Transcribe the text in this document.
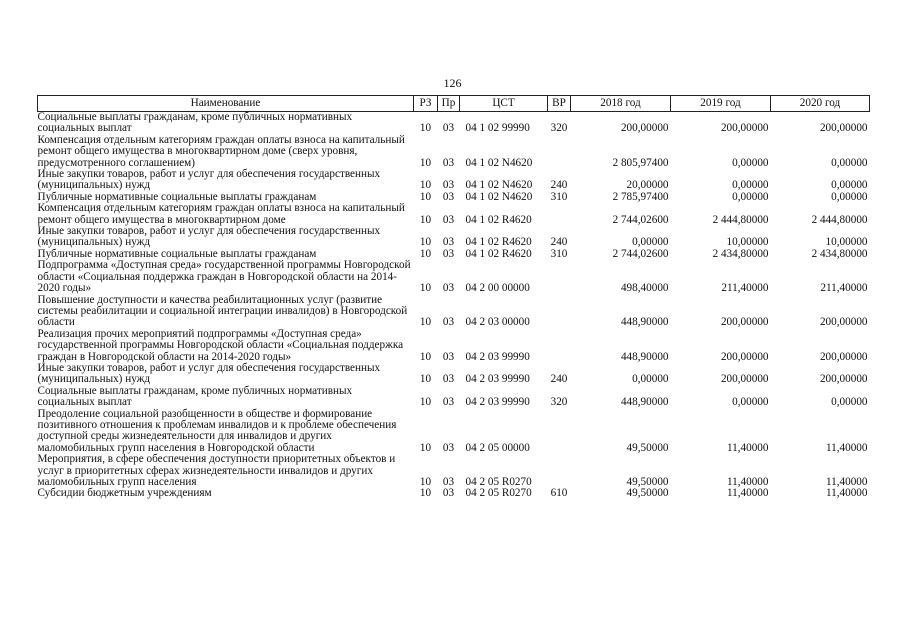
126
Наименование	РЗ	Пр	ЦСТ	ВР	2018 год	2019 год	2020 год
Социальные выплаты гражданам, кроме публичных нормативных социальных выплат	10	03	04 1 02 99990	320	200,00000	200,00000	200,00000
Компенсация отдельным категориям граждан оплаты взноса на капитальный ремонт общего имущества в многоквартирном доме (сверх уровня, предусмотренного соглашением)	10	03	04 1 02 N4620		2 805,97400	0,00000	0,00000
Иные закупки товаров, работ и услуг для обеспечения государственных (муниципальных) нужд	10	03	04 1 02 N4620	240	20,00000	0,00000	0,00000
Публичные нормативные социальные выплаты гражданам	10	03	04 1 02 N4620	310	2 785,97400	0,00000	0,00000
Компенсация отдельным категориям граждан оплаты взноса на капитальный ремонт общего имущества в многоквартирном доме	10	03	04 1 02 R4620		2 744,02600	2 444,80000	2 444,80000
Иные закупки товаров, работ и услуг для обеспечения государственных (муниципальных) нужд	10	03	04 1 02 R4620	240	0,00000	10,00000	10,00000
Публичные нормативные социальные выплаты гражданам	10	03	04 1 02 R4620	310	2 744,02600	2 434,80000	2 434,80000
Подпрограмма «Доступная среда» государственной программы Новгородской области «Социальная поддержка граждан в Новгородской области на 2014-2020 годы»	10	03	04 2 00 00000		498,40000	211,40000	211,40000
Повышение доступности и качества реабилитационных услуг (развитие системы реабилитации и социальной интеграции инвалидов) в Новгородской области	10	03	04 2 03 00000		448,90000	200,00000	200,00000
Реализация прочих мероприятий подпрограммы «Доступная среда» государственной программы Новгородской области «Социальная поддержка граждан в Новгородской области на 2014-2020 годы»	10	03	04 2 03 99990		448,90000	200,00000	200,00000
Иные закупки товаров, работ и услуг для обеспечения государственных (муниципальных) нужд	10	03	04 2 03 99990	240	0,00000	200,00000	200,00000
Социальные выплаты гражданам, кроме публичных нормативных социальных выплат	10	03	04 2 03 99990	320	448,90000	0,00000	0,00000
Преодоление социальной разобщенности в обществе и формирование позитивного отношения к проблемам инвалидов и к проблеме обеспечения доступной среды жизнедеятельности для инвалидов и других маломобильных групп населения в Новгородской области	10	03	04 2 05 00000		49,50000	11,40000	11,40000
Мероприятия, в сфере обеспечения доступности приоритетных объектов и услуг в приоритетных сферах жизнедеятельности инвалидов и других маломобильных групп населения	10	03	04 2 05 R0270		49,50000	11,40000	11,40000
Субсидии бюджетным учреждениям	10	03	04 2 05 R0270	610	49,50000	11,40000	11,40000
